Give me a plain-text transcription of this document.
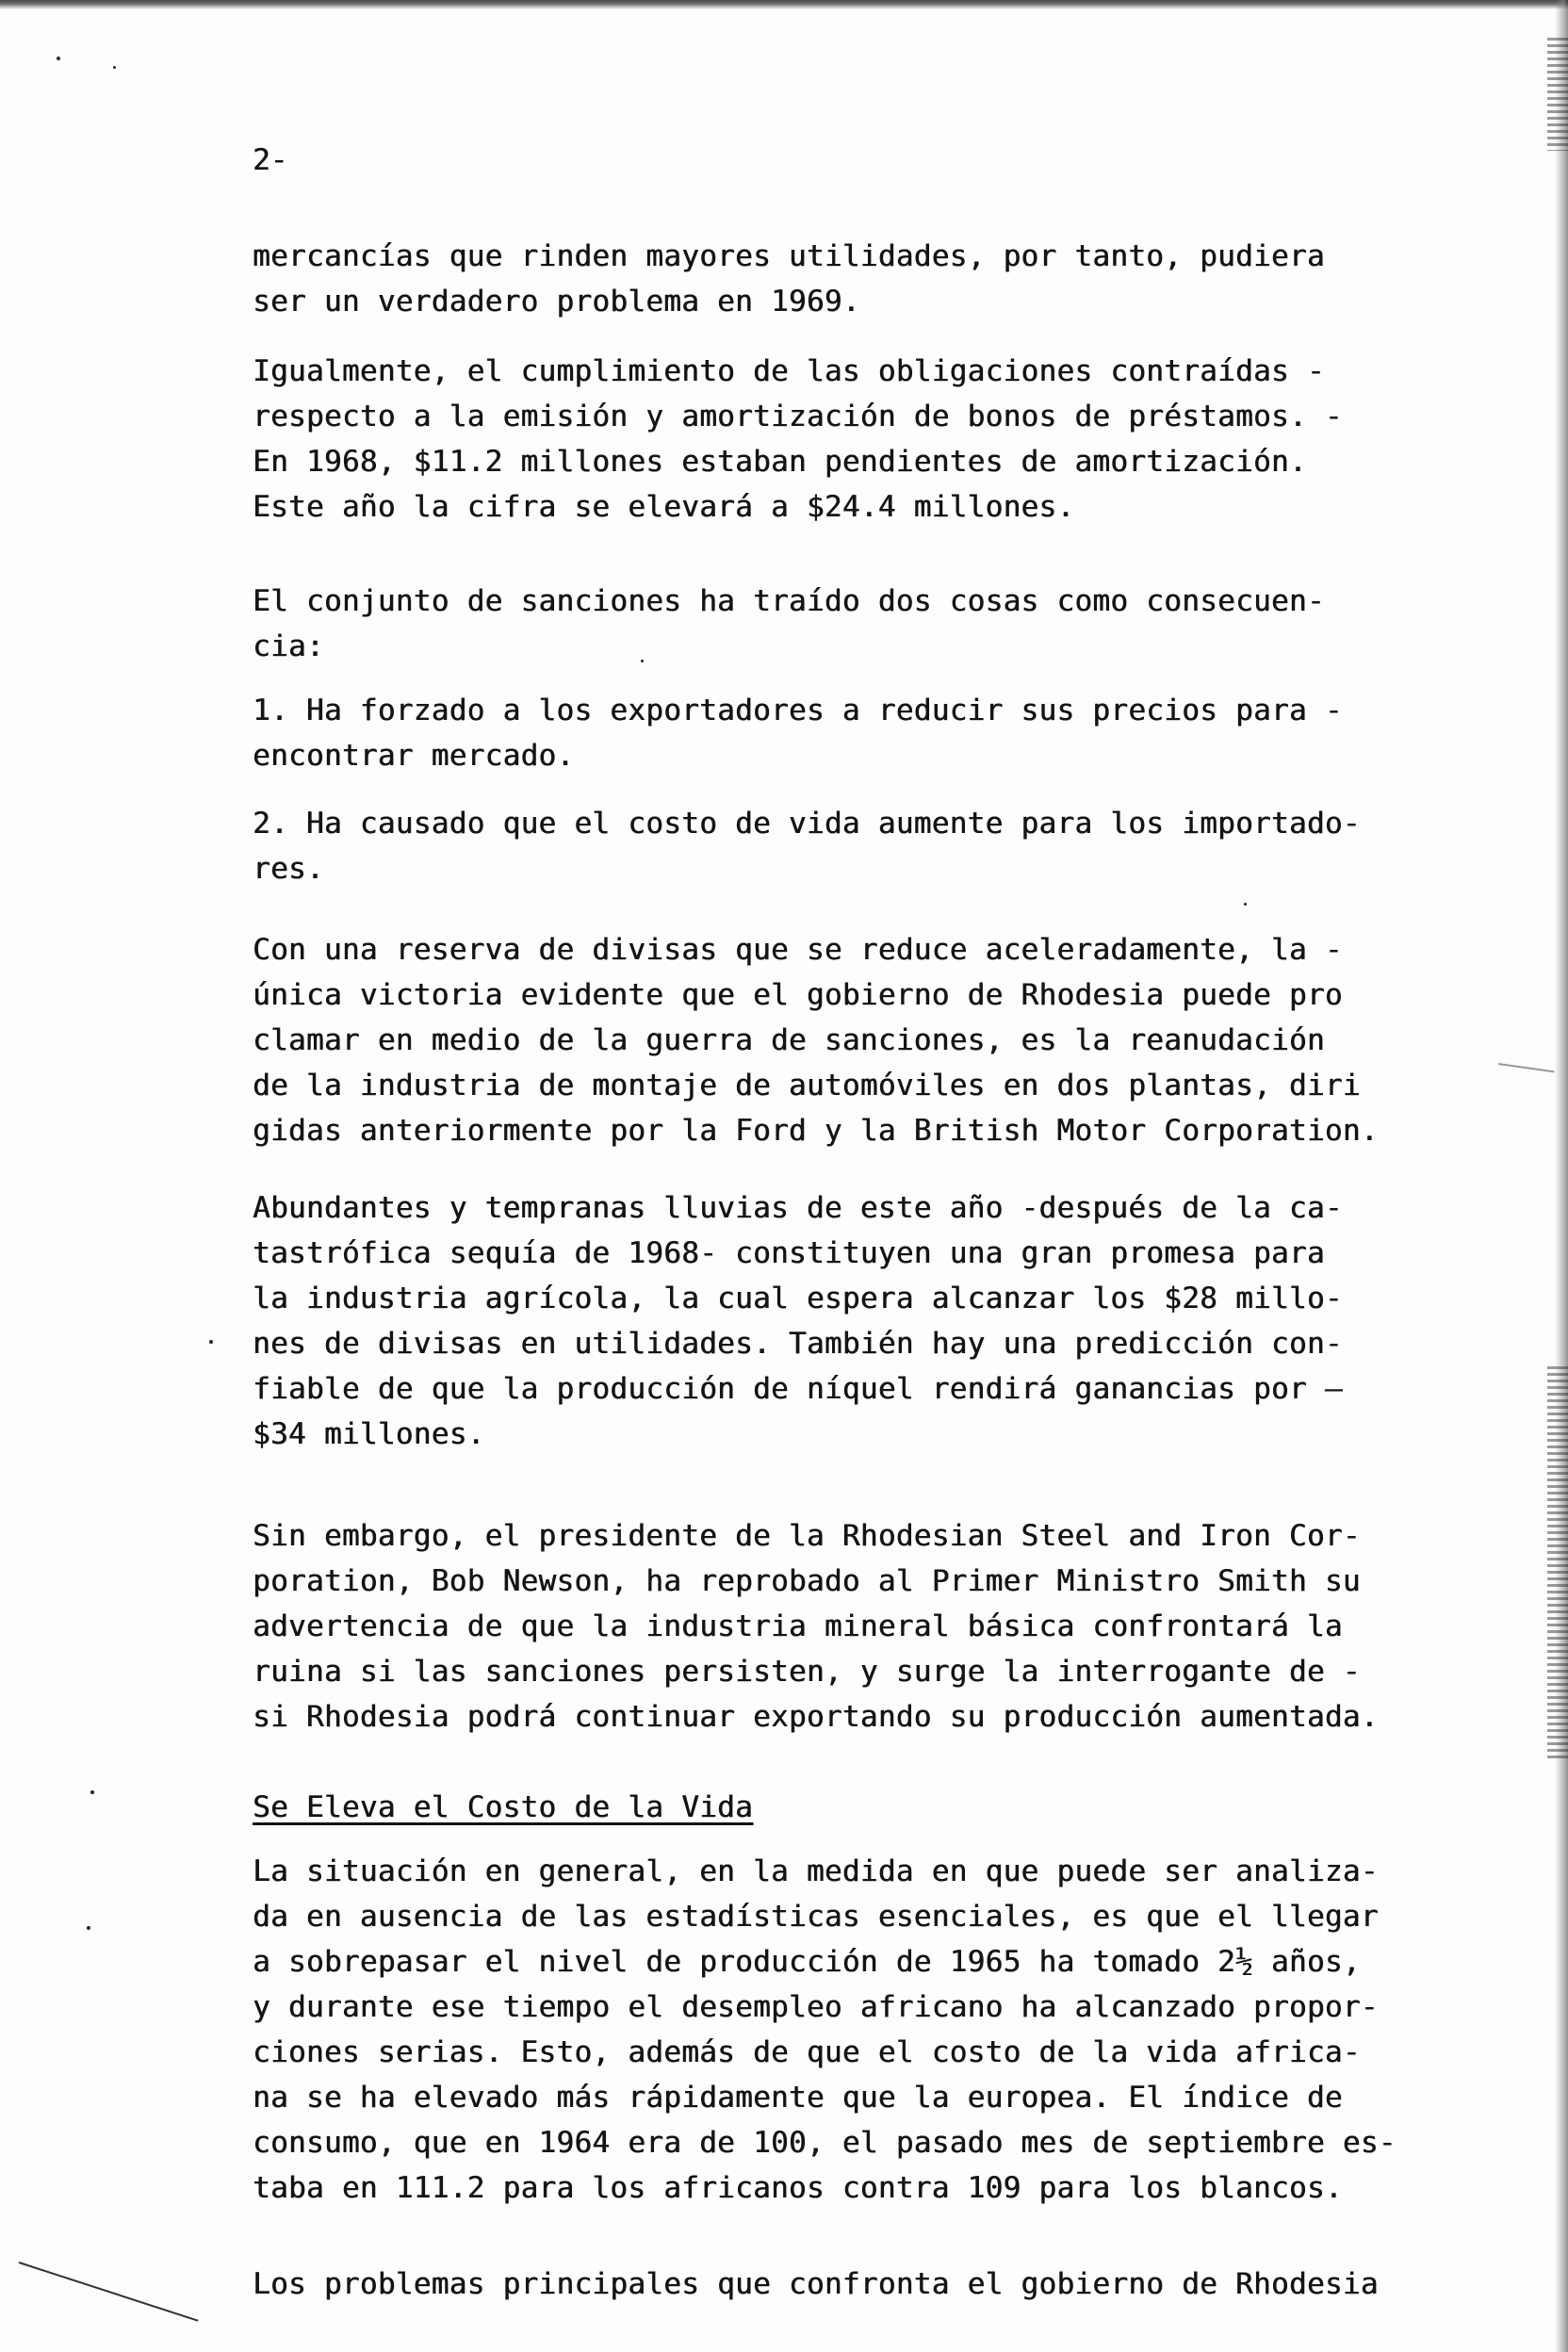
2-
mercancías que rinden mayores utilidades, por tanto, pudiera
ser un verdadero problema en 1969.
Igualmente, el cumplimiento de las obligaciones contraídas -
respecto a la emisión y amortización de bonos de préstamos. -
En 1968, $11.2 millones estaban pendientes de amortización.
Este año la cifra se elevará a $24.4 millones.
El conjunto de sanciones ha traído dos cosas como consecuen-
cia:
1. Ha forzado a los exportadores a reducir sus precios para -
encontrar mercado.
2. Ha causado que el costo de vida aumente para los importado-
res.
Con una reserva de divisas que se reduce aceleradamente, la -
única victoria evidente que el gobierno de Rhodesia puede pro
clamar en medio de la guerra de sanciones, es la reanudación
de la industria de montaje de automóviles en dos plantas, diri
gidas anteriormente por la Ford y la British Motor Corporation.
Abundantes y tempranas lluvias de este año -después de la ca-
tastrófica sequía de 1968- constituyen una gran promesa para
la industria agrícola, la cual espera alcanzar los $28 millo-
nes de divisas en utilidades. También hay una predicción con-
fiable de que la producción de níquel rendirá ganancias por —
$34 millones.
Sin embargo, el presidente de la Rhodesian Steel and Iron Cor-
poration, Bob Newson, ha reprobado al Primer Ministro Smith su
advertencia de que la industria mineral básica confrontará la
ruina si las sanciones persisten, y surge la interrogante de -
si Rhodesia podrá continuar exportando su producción aumentada.
Se Eleva el Costo de la Vida
La situación en general, en la medida en que puede ser analiza-
da en ausencia de las estadísticas esenciales, es que el llegar
a sobrepasar el nivel de producción de 1965 ha tomado 2½ años,
y durante ese tiempo el desempleo africano ha alcanzado propor-
ciones serias. Esto, además de que el costo de la vida africa-
na se ha elevado más rápidamente que la europea. El índice de
consumo, que en 1964 era de 100, el pasado mes de septiembre es-
taba en 111.2 para los africanos contra 109 para los blancos.
Los problemas principales que confronta el gobierno de Rhodesia
